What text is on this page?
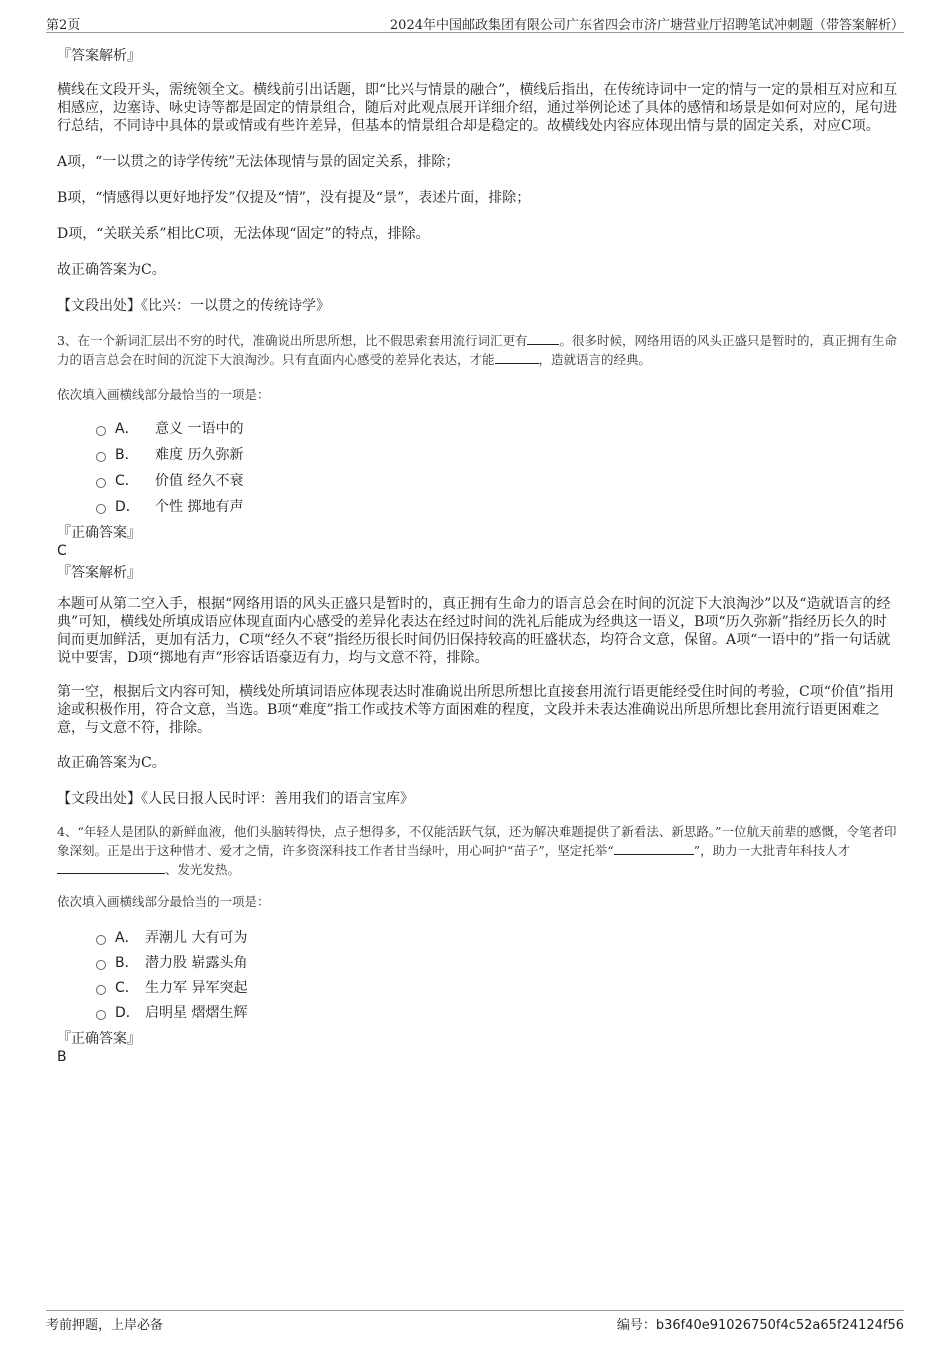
第2页	2024年中国邮政集团有限公司广东省四会市济广塘营业厅招聘笔试冲刺题（带答案解析）

『答案解析』

横线在文段开头，需统领全文。横线前引出话题，即“比兴与情景的融合”，横线后指出，在传统诗词中一定的情与一定的景相互对应和互相感应，边塞诗、咏史诗等都是固定的情景组合，随后对此观点展开详细介绍，通过举例论述了具体的感情和场景是如何对应的，尾句进行总结，不同诗中具体的景或情或有些许差异，但基本的情景组合却是稳定的。故横线处内容应体现出情与景的固定关系，对应C项。

A项，“一以贯之的诗学传统”无法体现情与景的固定关系，排除；

B项，“情感得以更好地抒发”仅提及“情”，没有提及“景”，表述片面，排除；

D项，“关联关系”相比C项，无法体现“固定”的特点，排除。

故正确答案为C。

【文段出处】《比兴：一以贯之的传统诗学》

3、在一个新词汇层出不穷的时代，准确说出所思所想，比不假思索套用流行词汇更有	。很多时候，网络用语的风头正盛只是暂时的，真正拥有生命力的语言总会在时间的沉淀下大浪淘沙。只有直面内心感受的差异化表达，才能	，造就语言的经典。

依次填入画横线部分最恰当的一项是：

A．	意义 一语中的
B．	难度 历久弥新
C．	价值 经久不衰
D．	个性 掷地有声

『正确答案』

C

『答案解析』

本题可从第二空入手，根据“网络用语的风头正盛只是暂时的，真正拥有生命力的语言总会在时间的沉淀下大浪淘沙”以及“造就语言的经典”可知，横线处所填成语应体现直面内心感受的差异化表达在经过时间的洗礼后能成为经典这一语义，B项“历久弥新”指经历长久的时间而更加鲜活，更加有活力，C项“经久不衰”指经历很长时间仍旧保持较高的旺盛状态，均符合文意，保留。A项“一语中的”指一句话就说中要害，D项“掷地有声”形容话语豪迈有力，均与文意不符，排除。

第一空，根据后文内容可知，横线处所填词语应体现表达时准确说出所思所想比直接套用流行语更能经受住时间的考验，C项“价值”指用途或积极作用，符合文意，当选。B项“难度”指工作或技术等方面困难的程度，文段并未表达准确说出所思所想比套用流行语更困难之意，与文意不符，排除。

故正确答案为C。

【文段出处】《人民日报人民时评：善用我们的语言宝库》

4、“年轻人是团队的新鲜血液，他们头脑转得快，点子想得多，不仅能活跃气氛，还为解决难题提供了新看法、新思路。”一位航天前辈的感慨，令笔者印象深刻。正是出于这种惜才、爱才之情，许多资深科技工作者甘当绿叶，用心呵护“苗子”，坚定托举“	”，助力一大批青年科技人才 、发光发热。

依次填入画横线部分最恰当的一项是：

A． 弄潮儿 大有可为
B． 潜力股 崭露头角
C． 生力军 异军突起
D． 启明星 熠熠生辉

『正确答案』

B

考前押题，上岸必备	编号：b36f40e91026750f4c52a65f24124f56
